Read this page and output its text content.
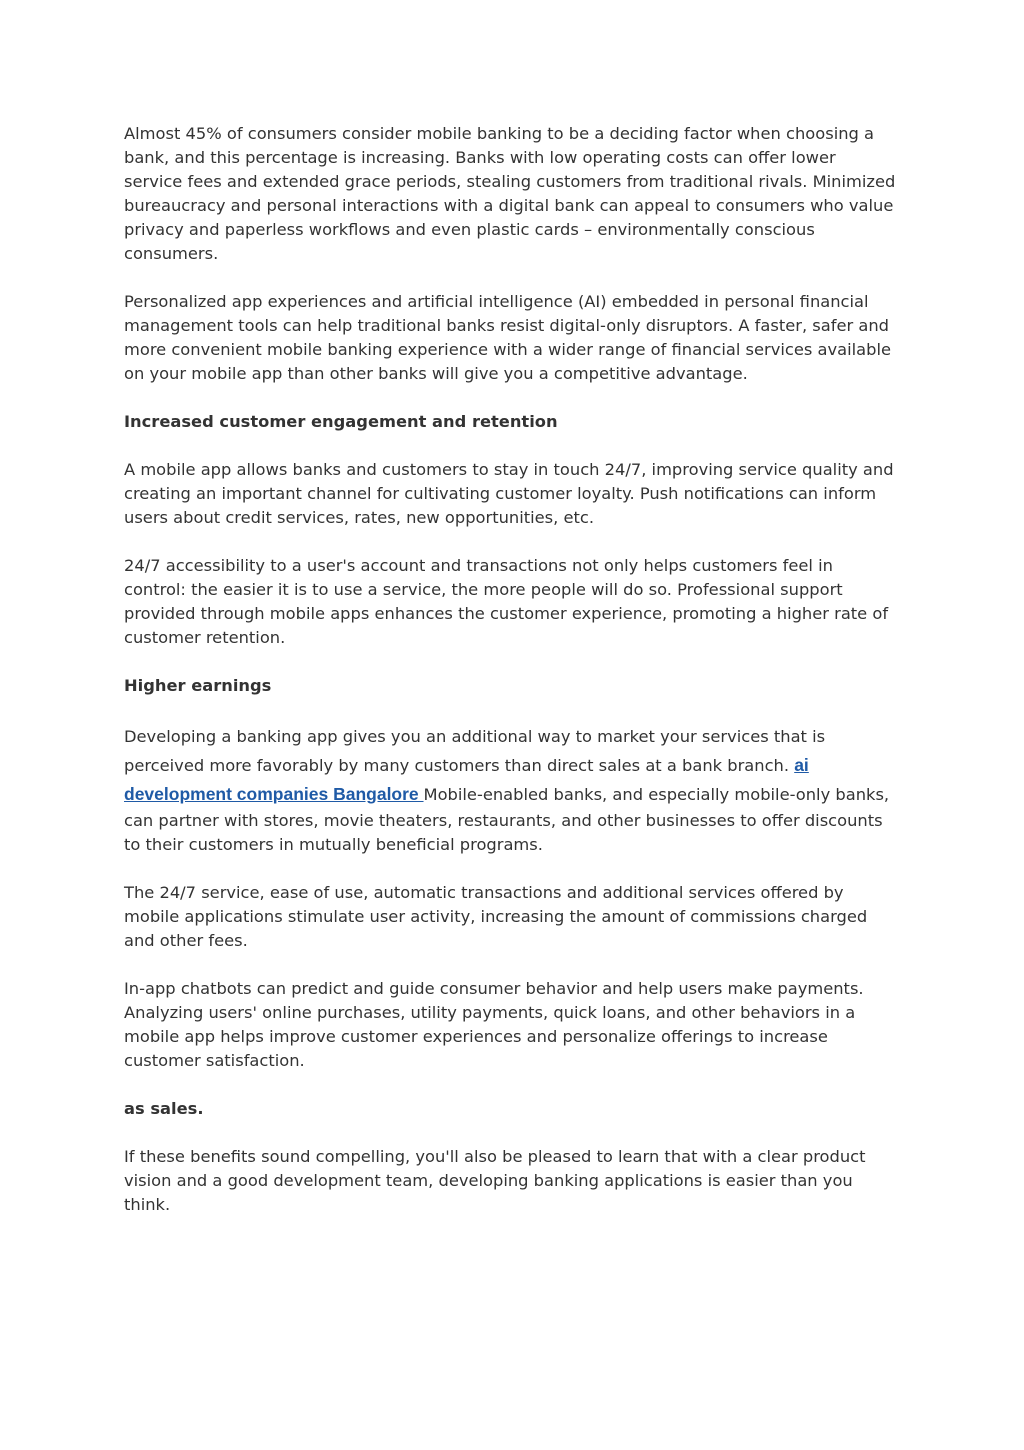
Almost 45% of consumers consider mobile banking to be a deciding factor when choosing a bank, and this percentage is increasing. Banks with low operating costs can offer lower service fees and extended grace periods, stealing customers from traditional rivals. Minimized bureaucracy and personal interactions with a digital bank can appeal to consumers who value privacy and paperless workflows and even plastic cards – environmentally conscious consumers.

Personalized app experiences and artificial intelligence (AI) embedded in personal financial management tools can help traditional banks resist digital-only disruptors. A faster, safer and more convenient mobile banking experience with a wider range of financial services available on your mobile app than other banks will give you a competitive advantage.

Increased customer engagement and retention

A mobile app allows banks and customers to stay in touch 24/7, improving service quality and creating an important channel for cultivating customer loyalty. Push notifications can inform users about credit services, rates, new opportunities, etc.

24/7 accessibility to a user's account and transactions not only helps customers feel in control: the easier it is to use a service, the more people will do so. Professional support provided through mobile apps enhances the customer experience, promoting a higher rate of customer retention.

Higher earnings

Developing a banking app gives you an additional way to market your services that is perceived more favorably by many customers than direct sales at a bank branch. ai development companies Bangalore Mobile-enabled banks, and especially mobile-only banks, can partner with stores, movie theaters, restaurants, and other businesses to offer discounts to their customers in mutually beneficial programs.

The 24/7 service, ease of use, automatic transactions and additional services offered by mobile applications stimulate user activity, increasing the amount of commissions charged and other fees.

In-app chatbots can predict and guide consumer behavior and help users make payments. Analyzing users' online purchases, utility payments, quick loans, and other behaviors in a mobile app helps improve customer experiences and personalize offerings to increase customer satisfaction.

as sales.

If these benefits sound compelling, you'll also be pleased to learn that with a clear product vision and a good development team, developing banking applications is easier than you think.
